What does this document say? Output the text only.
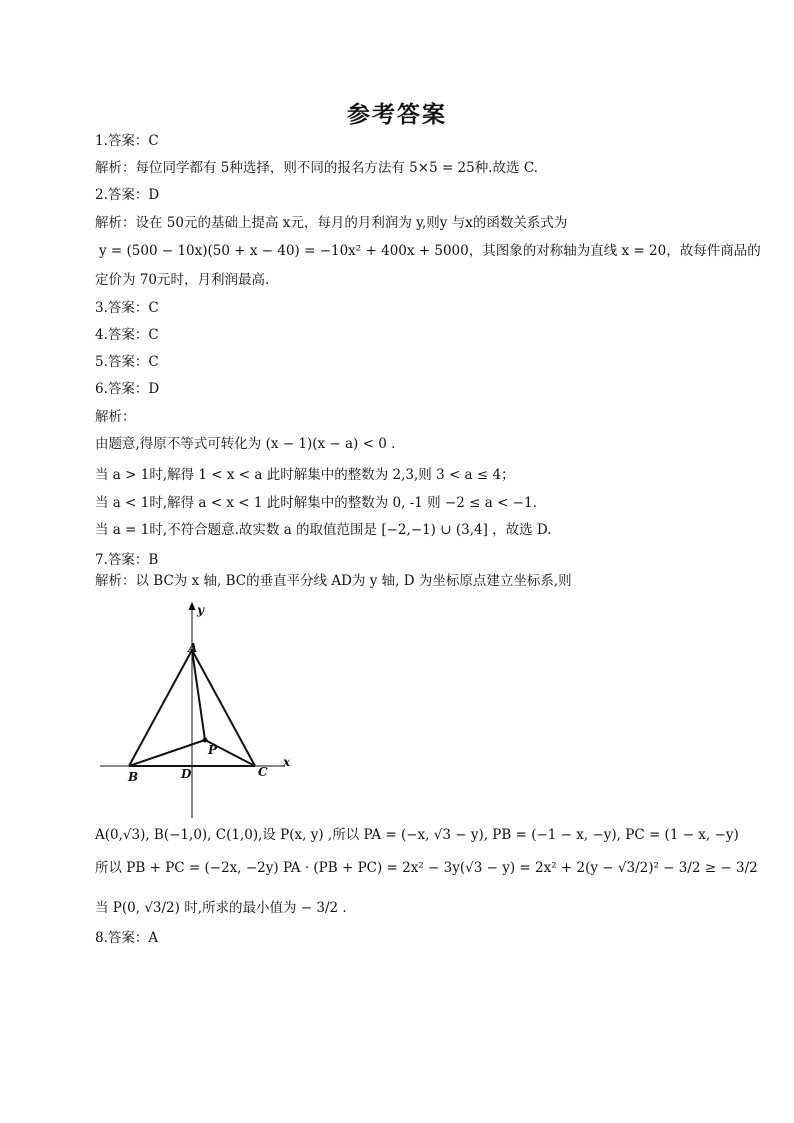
参考答案
1.答案：C
解析：每位同学都有 5种选择，则不同的报名方法有 5×5 = 25种.故选 C.
2.答案：D
解析：设在 50元的基础上提高 x元，每月的月利润为 y,则y 与x的函数关系式为
y = (500 − 10x)(50 + x − 40) = −10x² + 400x + 5000，其图象的对称轴为直线 x = 20，故每件商品的
定价为 70元时，月利润最高.
3.答案：C
4.答案：C
5.答案：C
6.答案：D
解析：
由题意,得原不等式可转化为 (x − 1)(x − a) < 0 .
当 a > 1时,解得 1 < x < a 此时解集中的整数为 2,3,则 3 < a ≤ 4；
当 a < 1时,解得 a < x < 1 此时解集中的整数为 0, -1 则 −2 ≤ a < −1.
当 a = 1时,不符合题意.故实数 a 的取值范围是 [−2,−1) ∪ (3,4] ，故选 D.
7.答案：B
解析：以 BC为 x 轴, BC的垂直平分线 AD为 y 轴, D 为坐标原点建立坐标系,则
y
A
P
x
B	D	C
A(0,√3), B(−1,0), C(1,0),设 P(x, y) ,所以 PA = (−x, √3 − y), PB = (−1 − x, −y), PC = (1 − x, −y)
所以 PB + PC = (−2x, −2y) PA · (PB + PC) = 2x² − 3y(√3 − y) = 2x² + 2(y − √3/2)² − 3/2 ≥ − 3/2
当 P(0, √3/2) 时,所求的最小值为 − 3/2 .
8.答案：A
